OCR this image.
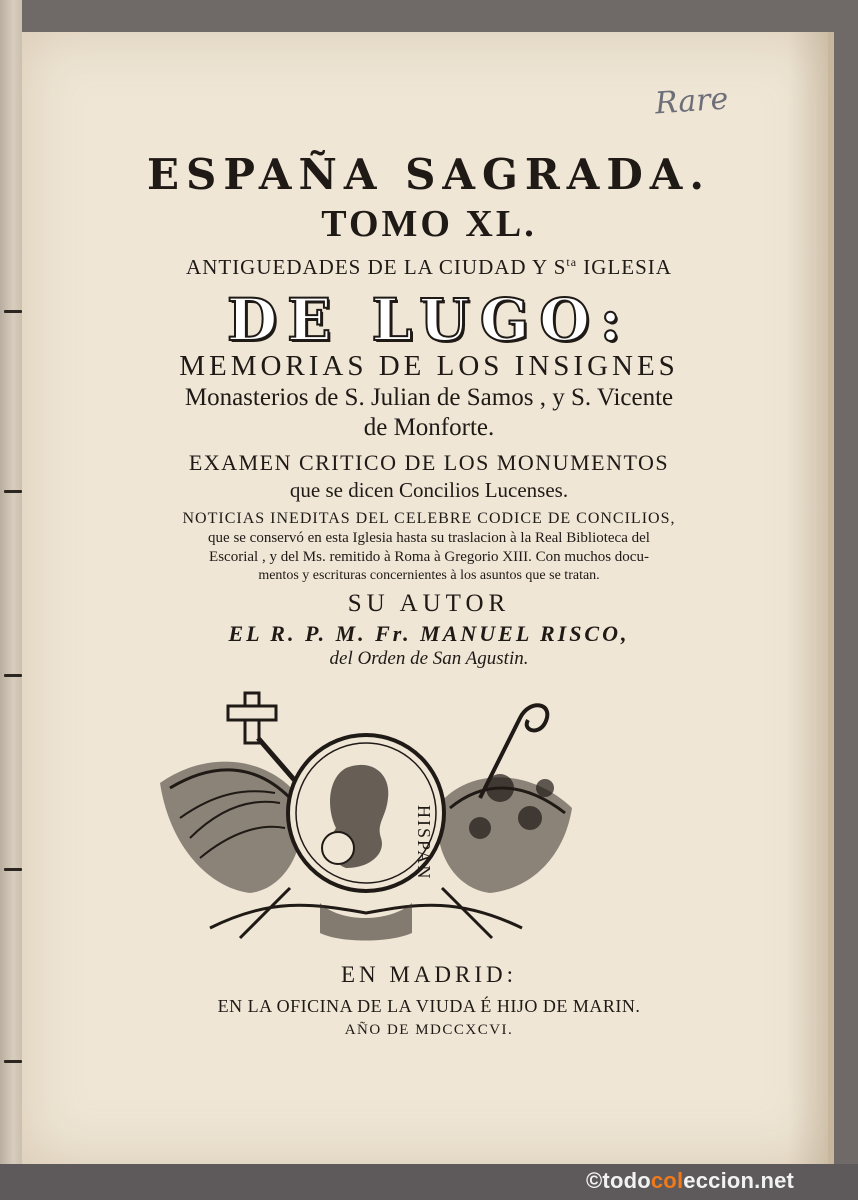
Rare
ESPAÑA SAGRADA.
TOMO XL.
ANTIGUEDADES DE LA CIUDAD Y $S^{ta}$ IGLESIA
DE LUGO:
MEMORIAS DE LOS INSIGNES
Monasterios de S. Julian de Samos , y S. Vicente
de Monforte.
EXAMEN CRITICO DE LOS MONUMENTOS
que se dicen Concilios Lucenses.
NOTICIAS INEDITAS DEL CELEBRE CODICE DE CONCILIOS,
que se conservó en esta Iglesia hasta su traslacion à la Real Biblioteca del
Escorial , y del Ms. remitido à Roma à Gregorio XIII. Con muchos docu-
mentos y escrituras concernientes à los asuntos que se tratan.
SU AUTOR
EL R. P. M. Fr. MANUEL RISCO,
del Orden de San Agustin.
HISPAN
EN MADRID:
EN LA OFICINA DE LA VIUDA É HIJO DE MARIN.
AÑO DE MDCCXCVI.
©todocoleccion.net
